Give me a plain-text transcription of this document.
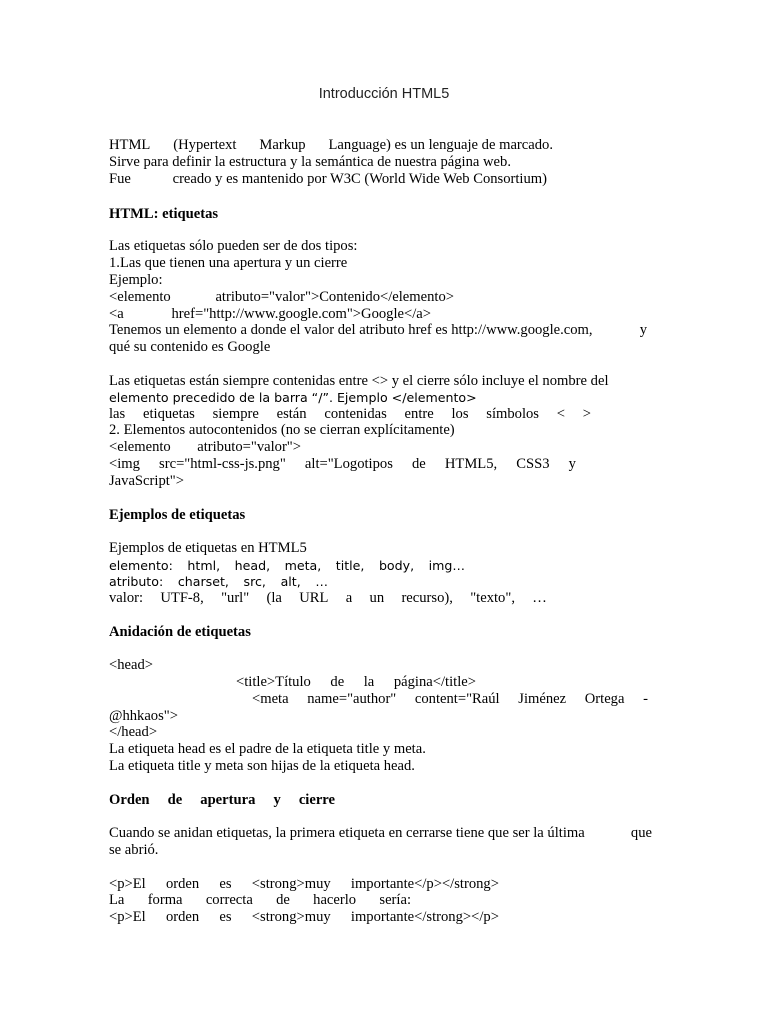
Introducción HTML5
HTML (Hypertext Markup Language) es un lenguaje de marcado.
Sirve para definir la estructura y la semántica de nuestra página web.
Fue	creado y es mantenido por W3C (World Wide Web Consortium)
HTML: etiquetas
Las etiquetas sólo pueden ser de dos tipos:
1.Las que tienen una apertura y un cierre
Ejemplo:
<elemento	atributo="valor">Contenido</elemento>
<a	href="http://www.google.com">Google</a>
Tenemos un elemento a donde el valor del atributo href es http://www.google.com,	y
qué su contenido es Google
Las etiquetas están siempre contenidas entre <> y el cierre sólo incluye el nombre del
elemento precedido de la barra “/”. Ejemplo </elemento>
las etiquetas siempre están contenidas entre los símbolos < >
2. Elementos autocontenidos (no se cierran explícitamente)
<elemento atributo="valor">
<img src="html-css-js.png" alt="Logotipos de HTML5, CSS3 y
JavaScript">
Ejemplos de etiquetas
Ejemplos de etiquetas en HTML5
elemento: html, head, meta, title, body, img…
atributo: charset, src, alt, …
valor: UTF-8, "url" (la URL a un recurso), "texto", …
Anidación de etiquetas
<head>
<title>Título de la página</title>
<meta name="author" content="Raúl Jiménez Ortega -
@hhkaos">
</head>
La etiqueta head es el padre de la etiqueta title y meta.
La etiqueta title y meta son hijas de la etiqueta head.
Orden de apertura y cierre
Cuando se anidan etiquetas, la primera etiqueta en cerrarse tiene que ser la última	que
se abrió.
<p>El orden es <strong>muy importante</p></strong>
La forma correcta de hacerlo sería:
<p>El orden es <strong>muy importante</strong></p>
